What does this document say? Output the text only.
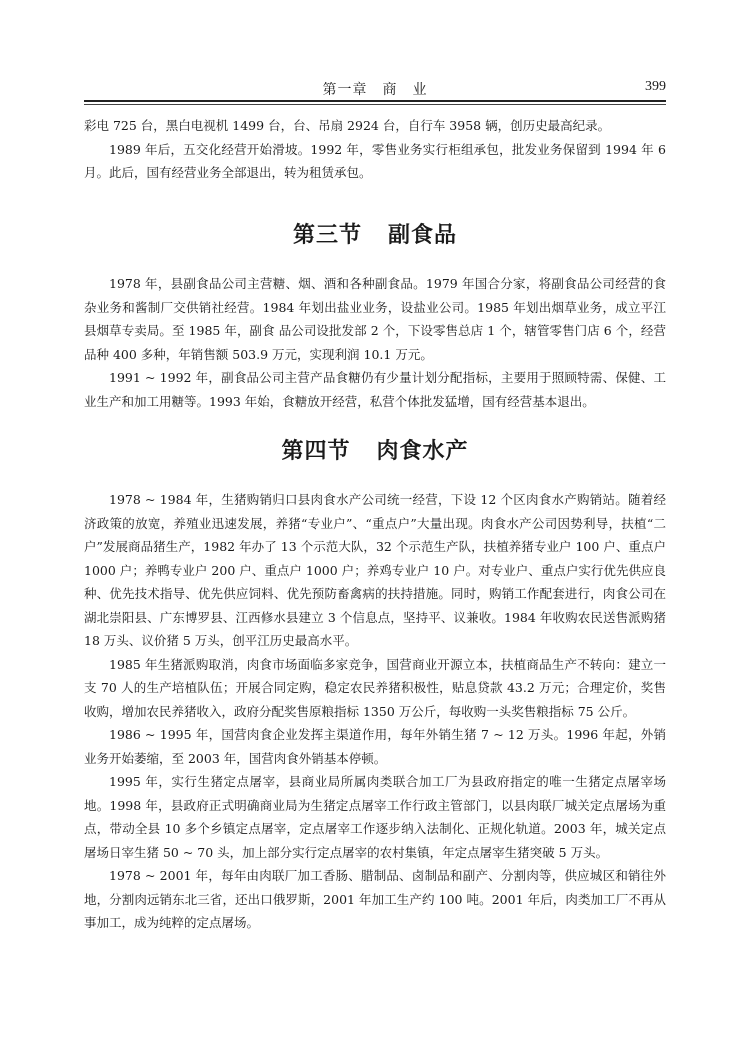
第一章　商　业	399

彩电 725 台，黑白电视机 1499 台，台、吊扇 2924 台，自行车 3958 辆，创历史最高纪录。

1989 年后，五交化经营开始滑坡。1992 年，零售业务实行柜组承包，批发业务保留到 1994 年 6 月。此后，国有经营业务全部退出，转为租赁承包。

第三节 副食品

1978 年，县副食品公司主营糖、烟、酒和各种副食品。1979 年国合分家，将副食品公司经营的食杂业务和酱制厂交供销社经营。1984 年划出盐业业务，设盐业公司。1985 年划出烟草业务，成立平江县烟草专卖局。至 1985 年，副食 品公司设批发部 2 个，下设零售总店 1 个，辖管零售门店 6 个，经营品种 400 多种，年销售额 503.9 万元，实现利润 10.1 万元。

1991 ~ 1992 年，副食品公司主营产品食糖仍有少量计划分配指标，主要用于照顾特需、保健、工业生产和加工用糖等。1993 年始，食糖放开经营，私营个体批发猛增，国有经营基本退出。

第四节 肉食水产

1978 ~ 1984 年，生猪购销归口县肉食水产公司统一经营，下设 12 个区肉食水产购销站。随着经济政策的放宽，养殖业迅速发展，养猪“专业户”、“重点户”大量出现。肉食水产公司因势利导，扶植“二户”发展商品猪生产，1982 年办了 13 个示范大队，32 个示范生产队，扶植养猪专业户 100 户、重点户 1000 户；养鸭专业户 200 户、重点户 1000 户；养鸡专业户 10 户。对专业户、重点户实行优先供应良种、优先技术指导、优先供应饲料、优先预防畜禽病的扶持措施。同时，购销工作配套进行，肉食公司在湖北崇阳县、广东博罗县、江西修水县建立 3 个信息点，坚持平、议兼收。1984 年收购农民送售派购猪 18 万头、议价猪 5 万头，创平江历史最高水平。

1985 年生猪派购取消，肉食市场面临多家竞争，国营商业开源立本，扶植商品生产不转向：建立一支 70 人的生产培植队伍；开展合同定购，稳定农民养猪积极性，贴息贷款 43.2 万元；合理定价，奖售收购，增加农民养猪收入，政府分配奖售原粮指标 1350 万公斤，每收购一头奖售粮指标 75 公斤。

1986 ~ 1995 年，国营肉食企业发挥主渠道作用，每年外销生猪 7 ~ 12 万头。1996 年起，外销业务开始萎缩，至 2003 年，国营肉食外销基本停顿。

1995 年，实行生猪定点屠宰，县商业局所属肉类联合加工厂为县政府指定的唯一生猪定点屠宰场地。1998 年，县政府正式明确商业局为生猪定点屠宰工作行政主管部门，以县肉联厂城关定点屠场为重点，带动全县 10 多个乡镇定点屠宰，定点屠宰工作逐步纳入法制化、正规化轨道。2003 年，城关定点屠场日宰生猪 50 ~ 70 头，加上部分实行定点屠宰的农村集镇，年定点屠宰生猪突破 5 万头。

1978 ~ 2001 年，每年由肉联厂加工香肠、腊制品、卤制品和副产、分割肉等，供应城区和销往外地，分割肉远销东北三省，还出口俄罗斯，2001 年加工生产约 100 吨。2001 年后，肉类加工厂不再从事加工，成为纯粹的定点屠场。
